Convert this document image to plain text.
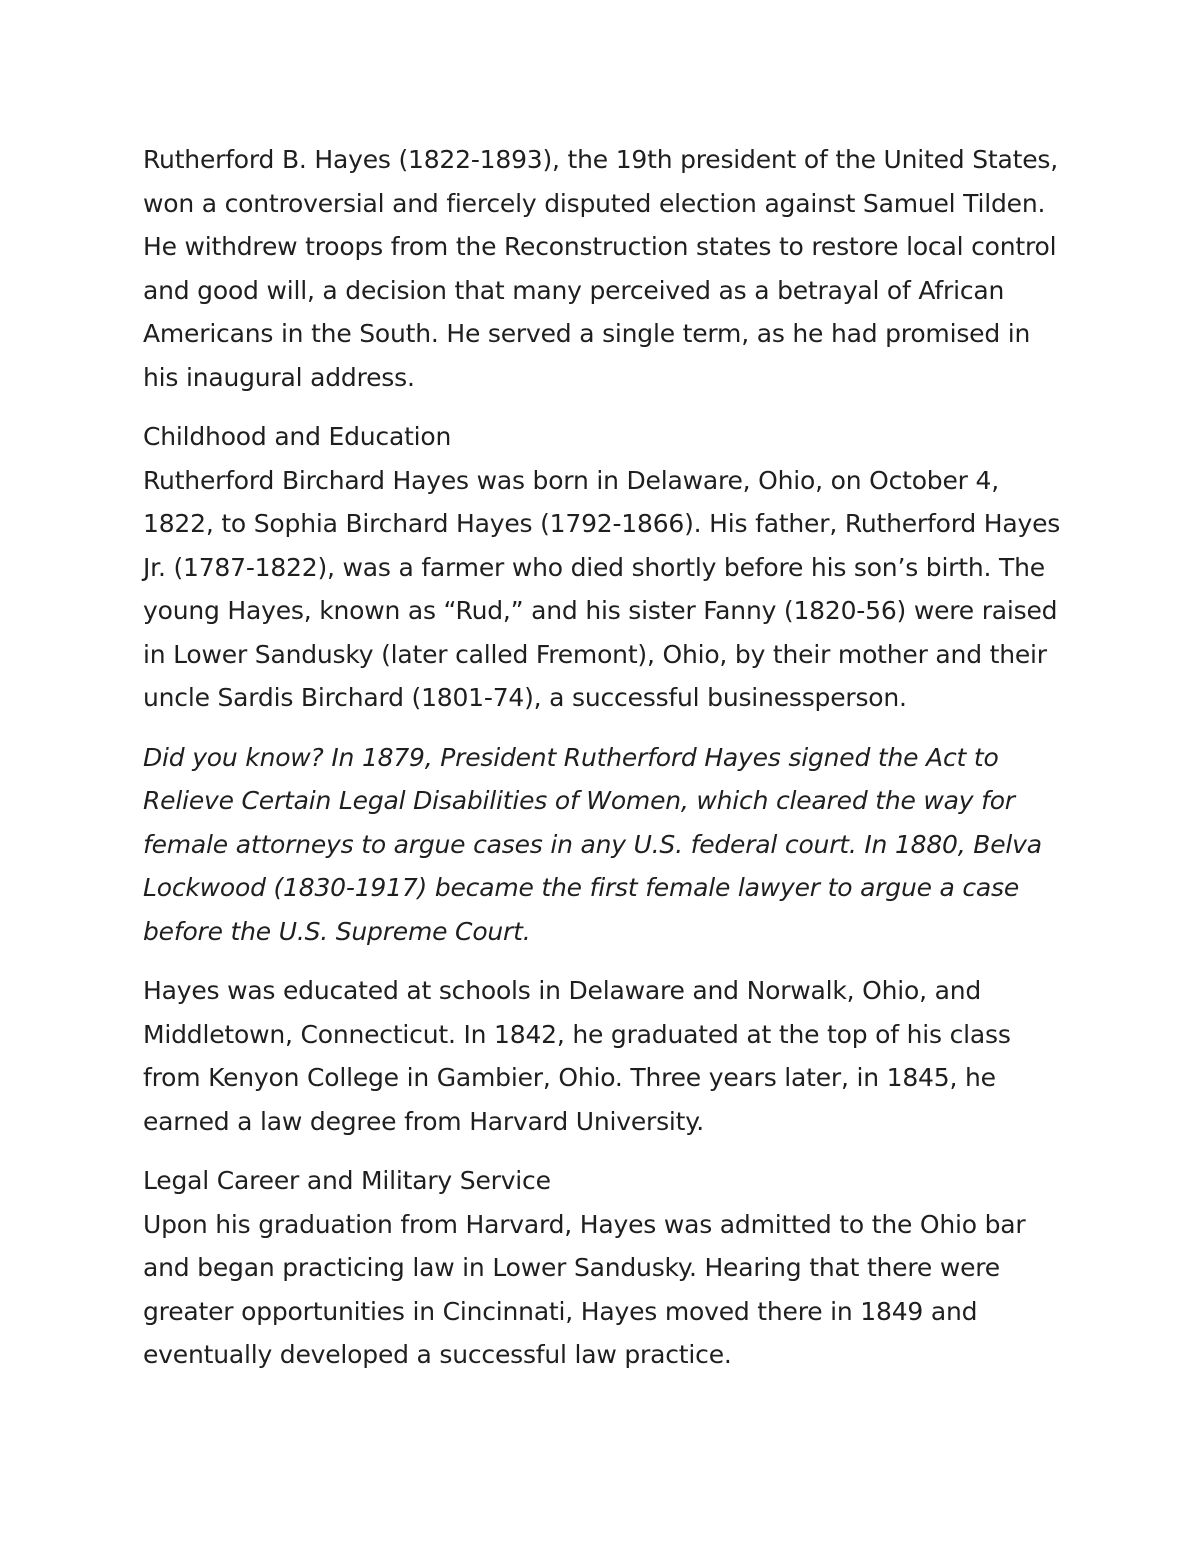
Rutherford B. Hayes (1822-1893), the 19th president of the United States, won a controversial and fiercely disputed election against Samuel Tilden. He withdrew troops from the Reconstruction states to restore local control and good will, a decision that many perceived as a betrayal of African Americans in the South. He served a single term, as he had promised in his inaugural address.

Childhood and Education

Rutherford Birchard Hayes was born in Delaware, Ohio, on October 4, 1822, to Sophia Birchard Hayes (1792-1866). His father, Rutherford Hayes Jr. (1787-1822), was a farmer who died shortly before his son’s birth. The young Hayes, known as “Rud,” and his sister Fanny (1820-56) were raised in Lower Sandusky (later called Fremont), Ohio, by their mother and their uncle Sardis Birchard (1801-74), a successful businessperson.

Did you know? In 1879, President Rutherford Hayes signed the Act to Relieve Certain Legal Disabilities of Women, which cleared the way for female attorneys to argue cases in any U.S. federal court. In 1880, Belva Lockwood (1830-1917) became the first female lawyer to argue a case before the U.S. Supreme Court.

Hayes was educated at schools in Delaware and Norwalk, Ohio, and Middletown, Connecticut. In 1842, he graduated at the top of his class from Kenyon College in Gambier, Ohio. Three years later, in 1845, he earned a law degree from Harvard University.

Legal Career and Military Service

Upon his graduation from Harvard, Hayes was admitted to the Ohio bar and began practicing law in Lower Sandusky. Hearing that there were greater opportunities in Cincinnati, Hayes moved there in 1849 and eventually developed a successful law practice.
